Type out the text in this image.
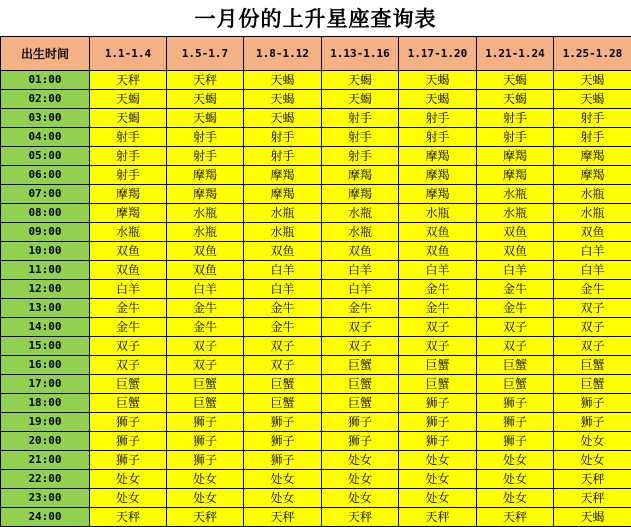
一月份的上升星座查询表
出生时间	1.1-1.4	1.5-1.7	1.8-1.12	1.13-1.16	1.17-1.20	1.21-1.24	1.25-1.28
01:00	天秤	天秤	天蝎	天蝎	天蝎	天蝎	天蝎
02:00	天蝎	天蝎	天蝎	天蝎	天蝎	天蝎	天蝎
03:00	天蝎	天蝎	天蝎	射手	射手	射手	射手
04:00	射手	射手	射手	射手	射手	射手	射手
05:00	射手	射手	射手	射手	摩羯	摩羯	摩羯
06:00	射手	摩羯	摩羯	摩羯	摩羯	摩羯	摩羯
07:00	摩羯	摩羯	摩羯	摩羯	摩羯	水瓶	水瓶
08:00	摩羯	水瓶	水瓶	水瓶	水瓶	水瓶	水瓶
09:00	水瓶	水瓶	水瓶	水瓶	双鱼	双鱼	双鱼
10:00	双鱼	双鱼	双鱼	双鱼	双鱼	双鱼	白羊
11:00	双鱼	双鱼	白羊	白羊	白羊	白羊	白羊
12:00	白羊	白羊	白羊	白羊	金牛	金牛	金牛
13:00	金牛	金牛	金牛	金牛	金牛	金牛	双子
14:00	金牛	金牛	金牛	双子	双子	双子	双子
15:00	双子	双子	双子	双子	双子	双子	双子
16:00	双子	双子	双子	巨蟹	巨蟹	巨蟹	巨蟹
17:00	巨蟹	巨蟹	巨蟹	巨蟹	巨蟹	巨蟹	巨蟹
18:00	巨蟹	巨蟹	巨蟹	巨蟹	狮子	狮子	狮子
19:00	狮子	狮子	狮子	狮子	狮子	狮子	狮子
20:00	狮子	狮子	狮子	狮子	狮子	狮子	处女
21:00	狮子	狮子	狮子	处女	处女	处女	处女
22:00	处女	处女	处女	处女	处女	处女	天秤
23:00	处女	处女	处女	处女	处女	处女	天秤
24:00	天秤	天秤	天秤	天秤	天秤	天秤	天蝎
